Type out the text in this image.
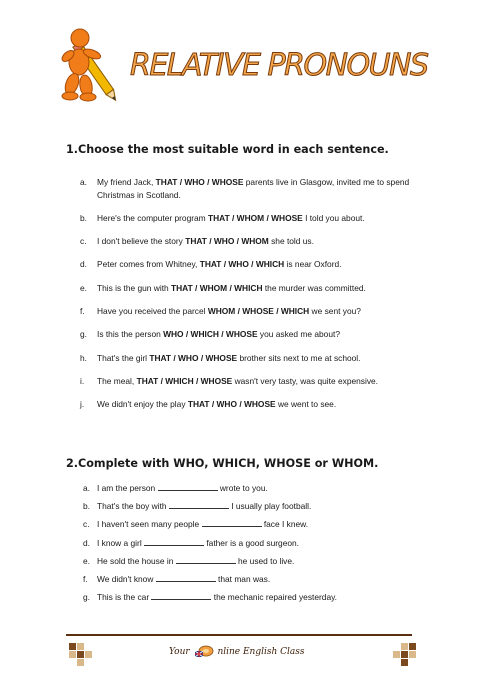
RELATIVE PRONOUNS
1.Choose the most suitable word in each sentence.
a.	My friend Jack, THAT / WHO / WHOSE parents live in Glasgow, invited me to spend Christmas in Scotland.
b.	Here's the computer program THAT / WHOM / WHOSE I told you about.
c.	I don't believe the story THAT / WHO / WHOM she told us.
d.	Peter comes from Whitney, THAT / WHO / WHICH is near Oxford.
e.	This is the gun with THAT / WHOM / WHICH the murder was committed.
f.	Have you received the parcel WHOM / WHOSE / WHICH we sent you?
g.	Is this the person WHO / WHICH / WHOSE you asked me about?
h.	That's the girl THAT / WHO / WHOSE brother sits next to me at school.
i.	The meal, THAT / WHICH / WHOSE wasn't very tasty, was quite expensive.
j.	We didn't enjoy the play THAT / WHO / WHOSE we went to see.
2.Complete with WHO, WHICH, WHOSE or WHOM.
a. I am the person	wrote to you.
b. That's the boy with	I usually play football.
c. I haven't seen many people	face I knew.
d. I know a girl	father is a good surgeon.
e. He sold the house in	he used to live.
f. We didn't know	that man was.
g. This is the car	the mechanic repaired yesterday.
Your	nline English Class
